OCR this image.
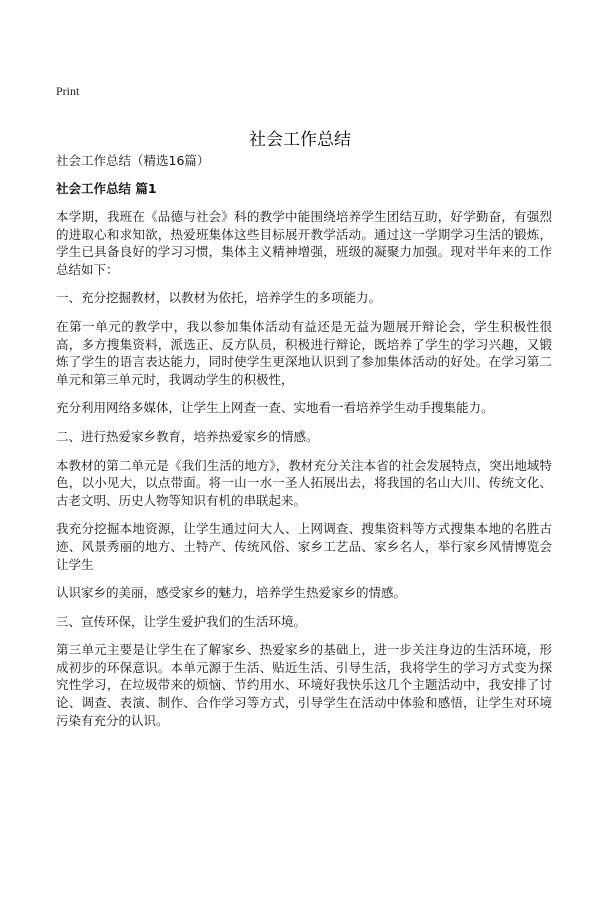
Print
社会工作总结
社会工作总结（精选16篇）
社会工作总结 篇1

本学期，我班在《品德与社会》科的教学中能围绕培养学生团结互助，好学勤奋，有强烈的进取心和求知欲，热爱班集体这些目标展开教学活动。通过这一学期学习生活的锻炼，学生已具备良好的学习习惯，集体主义精神增强，班级的凝聚力加强。现对半年来的工作总结如下：

一、充分挖掘教材，以教材为依托，培养学生的多项能力。

在第一单元的教学中，我以参加集体活动有益还是无益为题展开辩论会，学生积极性很高，多方搜集资料，派选正、反方队员，积极进行辩论，既培养了学生的学习兴趣，又锻炼了学生的语言表达能力，同时使学生更深地认识到了参加集体活动的好处。在学习第二单元和第三单元时，我调动学生的积极性，

充分利用网络多媒体，让学生上网查一查、实地看一看培养学生动手搜集能力。

二、进行热爱家乡教育，培养热爱家乡的情感。

本教材的第二单元是《我们生活的地方》，教材充分关注本省的社会发展特点，突出地域特色，以小见大，以点带面。将一山一水一圣人拓展出去，将我国的名山大川、传统文化、古老文明、历史人物等知识有机的串联起来。

我充分挖掘本地资源，让学生通过问大人、上网调查、搜集资料等方式搜集本地的名胜古迹、风景秀丽的地方、土特产、传统风俗、家乡工艺品、家乡名人，举行家乡风情博览会让学生

认识家乡的美丽，感受家乡的魅力，培养学生热爱家乡的情感。

三、宣传环保，让学生爱护我们的生活环境。

第三单元主要是让学生在了解家乡、热爱家乡的基础上，进一步关注身边的生活环境，形成初步的环保意识。本单元源于生活、贴近生活、引导生活，我将学生的学习方式变为探究性学习，在垃圾带来的烦恼、节约用水、环境好我快乐这几个主题活动中，我安排了讨论、调查、表演、制作、合作学习等方式，引导学生在活动中体验和感悟，让学生对环境污染有充分的认识。
